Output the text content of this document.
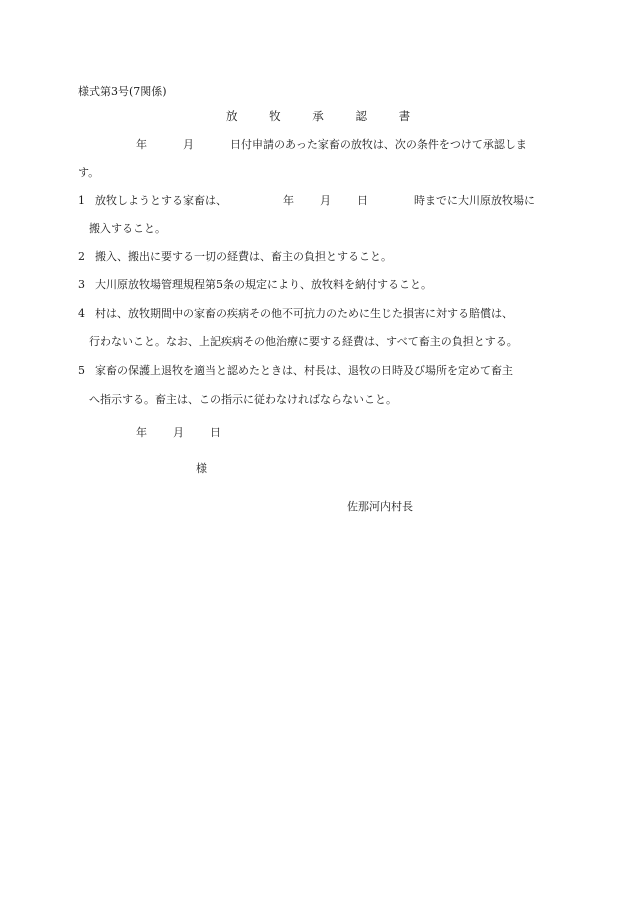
様式第3号(7関係)
放 牧 承 認 書
年	月	日付申請のあった家畜の放牧は、次の条件をつけて承認しま
す。
1 放牧しようとする家畜は、	年 月 日	時までに大川原放牧場に
搬入すること。
2 搬入、搬出に要する一切の経費は、畜主の負担とすること。
3 大川原放牧場管理規程第5条の規定により、放牧料を納付すること。
4 村は、放牧期間中の家畜の疾病その他不可抗力のために生じた損害に対する賠償は、
行わないこと。なお、上記疾病その他治療に要する経費は、すべて畜主の負担とする。
5 家畜の保護上退牧を適当と認めたときは、村長は、退牧の日時及び場所を定めて畜主
へ指示する。畜主は、この指示に従わなければならないこと。
年 月 日
様
佐那河内村長
